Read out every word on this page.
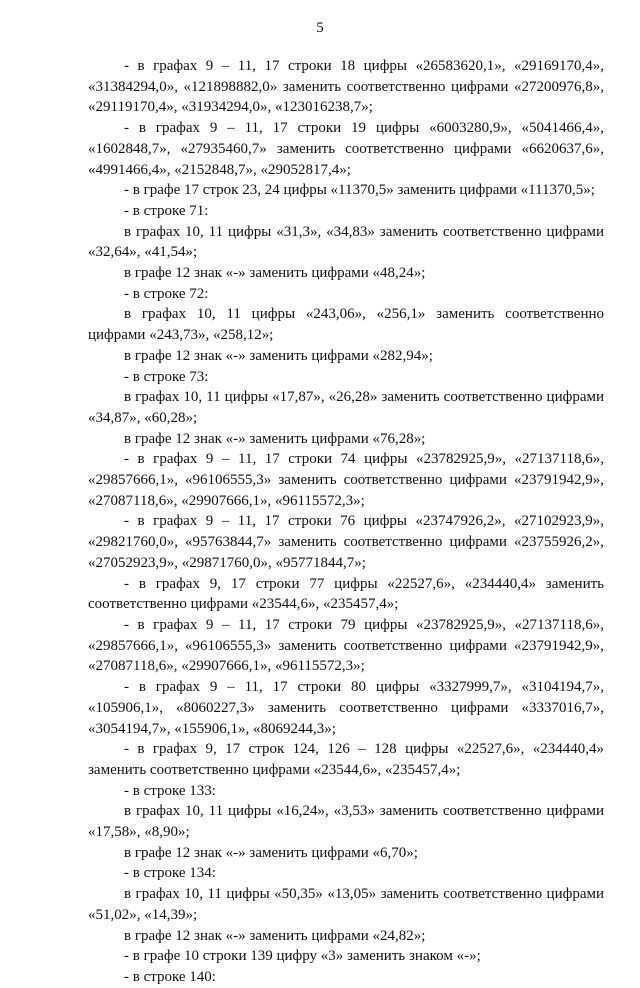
5

- в графах 9 – 11, 17 строки 18 цифры «26583620,1», «29169170,4», «31384294,0», «121898882,0» заменить соответственно цифрами «27200976,8», «29119170,4», «31934294,0», «123016238,7»;

- в графах 9 – 11, 17 строки 19 цифры «6003280,9», «5041466,4», «1602848,7», «27935460,7» заменить соответственно цифрами «6620637,6», «4991466,4», «2152848,7», «29052817,4»;

- в графе 17 строк 23, 24 цифры «11370,5» заменить цифрами «111370,5»;

- в строке 71:

в графах 10, 11 цифры «31,3», «34,83» заменить соответственно цифрами «32,64», «41,54»;

в графе 12 знак «-» заменить цифрами «48,24»;

- в строке 72:

в графах 10, 11 цифры «243,06», «256,1» заменить соответственно цифрами «243,73», «258,12»;

в графе 12 знак «-» заменить цифрами «282,94»;

- в строке 73:

в графах 10, 11 цифры «17,87», «26,28» заменить соответственно цифрами «34,87», «60,28»;

в графе 12 знак «-» заменить цифрами «76,28»;

- в графах 9 – 11, 17 строки 74 цифры «23782925,9», «27137118,6», «29857666,1», «96106555,3» заменить соответственно цифрами «23791942,9», «27087118,6», «29907666,1», «96115572,3»;

- в графах 9 – 11, 17 строки 76 цифры «23747926,2», «27102923,9», «29821760,0», «95763844,7» заменить соответственно цифрами «23755926,2», «27052923,9», «29871760,0», «95771844,7»;

- в графах 9, 17 строки 77 цифры «22527,6», «234440,4» заменить соответственно цифрами «23544,6», «235457,4»;

- в графах 9 – 11, 17 строки 79 цифры «23782925,9», «27137118,6», «29857666,1», «96106555,3» заменить соответственно цифрами «23791942,9», «27087118,6», «29907666,1», «96115572,3»;

- в графах 9 – 11, 17 строки 80 цифры «3327999,7», «3104194,7», «105906,1», «8060227,3» заменить соответственно цифрами «3337016,7», «3054194,7», «155906,1», «8069244,3»;

- в графах 9, 17 строк 124, 126 – 128 цифры «22527,6», «234440,4» заменить соответственно цифрами «23544,6», «235457,4»;

- в строке 133:

в графах 10, 11 цифры «16,24», «3,53» заменить соответственно цифрами «17,58», «8,90»;

в графе 12 знак «-» заменить цифрами «6,70»;

- в строке 134:

в графах 10, 11 цифры «50,35» «13,05» заменить соответственно цифрами «51,02», «14,39»;

в графе 12 знак «-» заменить цифрами «24,82»;

- в графе 10 строки 139 цифру «3» заменить знаком «-»;

- в строке 140:
